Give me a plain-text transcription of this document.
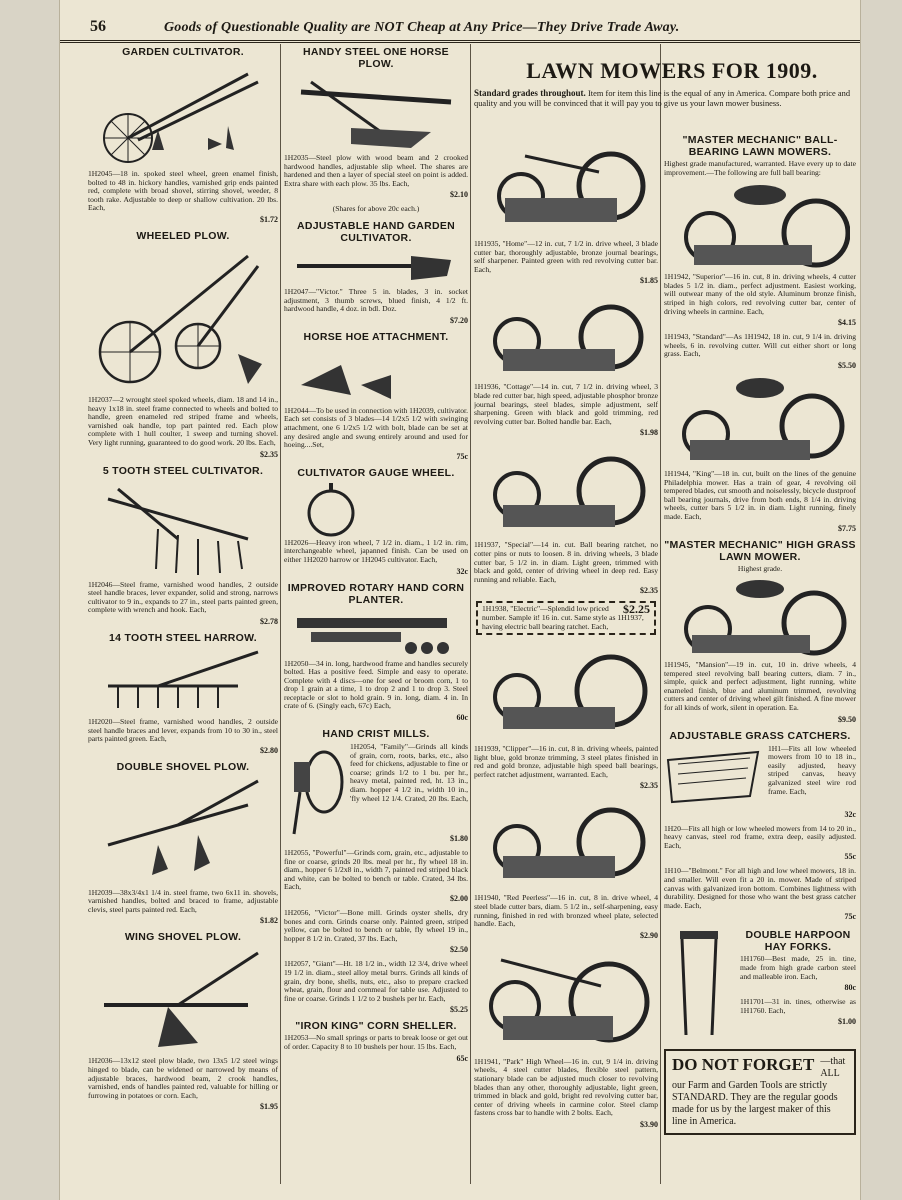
56	Goods of Questionable Quality are NOT Cheap at Any Price—They Drive Trade Away.
GARDEN CULTIVATOR.
1H2045—18 in. spoked steel wheel, green enamel finish, bolted to 48 in. hickory handles, varnished grip ends painted red, complete with broad shovel, stirring shovel, weeder, 8 tooth rake. Adjustable to deep or shallow cultivation. 20 lbs. Each,
$1.72
WHEELED PLOW.
1H2037—2 wrought steel spoked wheels, diam. 18 and 14 in., heavy 1x18 in. steel frame connected to wheels and bolted to handle, green enameled red striped frame and wheels, varnished oak handle, top part painted red. Each plow complete with 1 hull coulter, 1 sweep and turning shovel. Very light running, guaranteed to do good work. 20 lbs. Each,
$2.35
5 TOOTH STEEL CULTIVATOR.
1H2046—Steel frame, varnished wood handles, 2 outside steel handle braces, lever expander, solid and strong, narrows cultivator to 9 in., expands to 27 in., steel parts painted green, complete with wrench and hook. Each,
$2.78
14 TOOTH STEEL HARROW.
1H2020—Steel frame, varnished wood handles, 2 outside steel handle braces and lever, expands from 10 to 30 in., steel parts painted green. Each,
$2.80
DOUBLE SHOVEL PLOW.
1H2039—38x3/4x1 1/4 in. steel frame, two 6x11 in. shovels, varnished handles, bolted and braced to frame, adjustable clevis, steel parts painted red. Each,
$1.82
WING SHOVEL PLOW.
1H2036—13x12 steel plow blade, two 13x5 1/2 steel wings hinged to blade, can be widened or narrowed by means of adjustable braces, hardwood beam, 2 crook handles, varnished, ends of handles painted red, valuable for hilling or furrowing in potatoes or corn. Each,
$1.95
HANDY STEEL ONE HORSE PLOW.
1H2035—Steel plow with wood beam and 2 crooked hardwood handles, adjustable slip wheel. The shares are hardened and then a layer of special steel on point is added. Extra share with each plow. 35 lbs. Each,
$2.10
(Shares for above 20c each.)
ADJUSTABLE HAND GARDEN CULTIVATOR.
1H2047—"Victor." Three 5 in. blades, 3 in. socket adjustment, 3 thumb screws, blued finish, 4 1/2 ft. hardwood handle, 4 doz. in bdl. Doz.
$7.20
HORSE HOE ATTACHMENT.
1H2044—To be used in connection with 1H2039, cultivator. Each set consists of 3 blades—14 1/2x5 1/2 with swinging attachment, one 6 1/2x5 1/2 with bolt, blade can be set at any desired angle and swung entirely around and used for hoeing....Set,
75c
CULTIVATOR GAUGE WHEEL.
1H2026—Heavy iron wheel, 7 1/2 in. diam., 1 1/2 in. rim, interchangeable wheel, japanned finish. Can be used on either 1H2020 harrow or 1H2045 cultivator. Each,
32c
IMPROVED ROTARY HAND CORN PLANTER.
1H2050—34 in. long, hardwood frame and handles securely bolted. Has a positive feed. Simple and easy to operate. Complete with 4 discs—one for seed or broom corn, 1 to drop 1 grain at a time, 1 to drop 2 and 1 to drop 3. Steel receptacle or slot to hold grain. 9 in. long, diam. 4 in. In crate of 6. (Singly each, 67c) Each,
60c
HAND CRIST MILLS.
1H2054, "Family"—Grinds all kinds of grain, corn, roots, barks, etc., also feed for chickens, adjustable to fine or coarse; grinds 1/2 to 1 bu. per hr., heavy metal, painted red, ht. 13 in., diam. hopper 4 1/2 in., width 10 in., 'fly wheel 12 1/4. Crated, 20 lbs. Each,
$1.80
1H2055, "Powerful"—Grinds corn, grain, etc., adjustable to fine or coarse, grinds 20 lbs. meal per hr., fly wheel 18 in. diam., hopper 6 1/2x8 in., width 7, painted red striped black and white, can be bolted to bench or table. Crated, 34 lbs. Each,
$2.00
1H2056, "Victor"—Bone mill. Grinds oyster shells, dry bones and corn. Grinds coarse only. Painted green, striped yellow, can be bolted to bench or table, fly wheel 19 in., hopper 8 1/2 in. Crated, 37 lbs. Each,
$2.50
1H2057, "Giant"—Ht. 18 1/2 in., width 12 3/4, drive wheel 19 1/2 in. diam., steel alloy metal burrs. Grinds all kinds of grain, dry bone, shells, nuts, etc., also to prepare cracked wheat, grain, flour and cornmeal for table use. Adjusted to fine or coarse. Grinds 1 1/2 to 2 bushels per hr. Each,
$5.25
"IRON KING" CORN SHELLER.
1H2053—No small springs or parts to break loose or get out of order. Capacity 8 to 10 bushels per hour. 15 lbs. Each,
65c
LAWN MOWERS FOR 1909.
Standard grades throughout. Item for item this line is the equal of any in America. Compare both price and quality and you will be convinced that it will pay you to give us your lawn mower business.
1H1935, "Home"—12 in. cut, 7 1/2 in. drive wheel, 3 blade cutter bar, thoroughly adjustable, bronze journal bearings, self sharpener. Painted green with red revolving cutter bar. Each,
$1.85
1H1936, "Cottage"—14 in. cut, 7 1/2 in. driving wheel, 3 blade red cutter bar, high speed, adjustable phosphor bronze journal bearings, steel blades, simple adjustment, self sharpening. Green with black and gold trimming, red revolving cutter bar. Bolted handle bar. Each,
$1.98
1H1937, "Special"—14 in. cut. Ball bearing ratchet, no cotter pins or nuts to loosen. 8 in. driving wheels, 3 blade cutter bar, 5 1/2 in. in diam. Light green, trimmed with black and gold, center of driving wheel in deep red. Easy running and reliable. Each,
$2.35
$2.25
1H1938, "Electric"—Splendid low priced number. Sample it! 16 in. cut. Same style as 1H1937, having electric ball bearing ratchet. Each,
1H1939, "Clipper"—16 in. cut, 8 in. driving wheels, painted light blue, gold bronze trimming, 3 steel plates finished in red and gold bronze, adjustable high speed ball bearings, perfect ratchet adjustment, warranted. Each,
$2.35
1H1940, "Red Peerless"—16 in. cut, 8 in. drive wheel, 4 steel blade cutter bars, diam. 5 1/2 in., self-sharpening, easy running, finished in red with bronzed wheel plate, selected handle. Each,
$2.90
1H1941, "Park" High Wheel—16 in. cut, 9 1/4 in. driving wheels, 4 steel cutter blades, flexible steel pattern, stationary blade can be adjusted much closer to revolving blades than any other, thoroughly adjustable, light green, trimmed in black and gold, bright red revolving cutter bar, center of driving wheels in carmine color. Steel clamp fastens cross bar to handle with 2 bolts. Each,
$3.90
"MASTER MECHANIC" BALL-BEARING LAWN MOWERS.
Highest grade manufactured, warranted. Have every up to date improvement.—The following are full ball bearing:
1H1942, "Superior"—16 in. cut, 8 in. driving wheels, 4 cutter blades 5 1/2 in. diam., perfect adjustment. Easiest working, will outwear many of the old style. Aluminum bronze finish, striped in high colors, red revolving cutter bar, center of driving wheels in carmine. Each,
$4.15
1H1943, "Standard"—As 1H1942, 18 in. cut, 9 1/4 in. driving wheels, 6 in. revolving cutter. Will cut either short or long grass. Each,
$5.50
1H1944, "King"—18 in. cut, built on the lines of the genuine Philadelphia mower. Has a train of gear, 4 revolving oil tempered blades, cut smooth and noiselessly, bicycle dustproof ball bearing journals, drive from both ends, 8 1/4 in. driving wheels, cutter bars 5 1/2 in. in diam. Light running, finely made. Each,
$7.75
"MASTER MECHANIC" HIGH GRASS LAWN MOWER.
Highest grade.
1H1945, "Mansion"—19 in. cut, 10 in. drive wheels, 4 tempered steel revolving ball bearing cutters, diam. 7 in., simple, quick and perfect adjustment, light running, white enameled finish, blue and aluminum trimmed, revolving cutters and center of driving wheel gilt finished. A fine mower for all kinds of work, silent in operation. Ea.
$9.50
ADJUSTABLE GRASS CATCHERS.
1H1—Fits all low wheeled mowers from 10 to 18 in., easily adjusted, heavy striped canvas, heavy galvanized steel wire rod frame. Each,
32c
1H20—Fits all high or low wheeled mowers from 14 to 20 in., heavy canvas, steel rod frame, extra deep, easily adjusted. Each,
55c
1H10—"Belmont." For all high and low wheel mowers, 18 in. and smaller. Will even fit a 20 in. mower. Made of striped canvas with galvanized iron bottom. Combines lightness with durability. Designed for those who want the best grass catcher made. Each,
75c
DOUBLE HARPOON HAY FORKS.
1H1760—Best made, 25 in. tine, made from high grade carbon steel and malleable iron. Each,
80c
1H1701—31 in. tines, otherwise as 1H1760. Each,
$1.00
DO NOT FORGET —that ALL our Farm and Garden Tools are strictly STANDARD. They are the regular goods made for us by the largest maker of this line in America.
